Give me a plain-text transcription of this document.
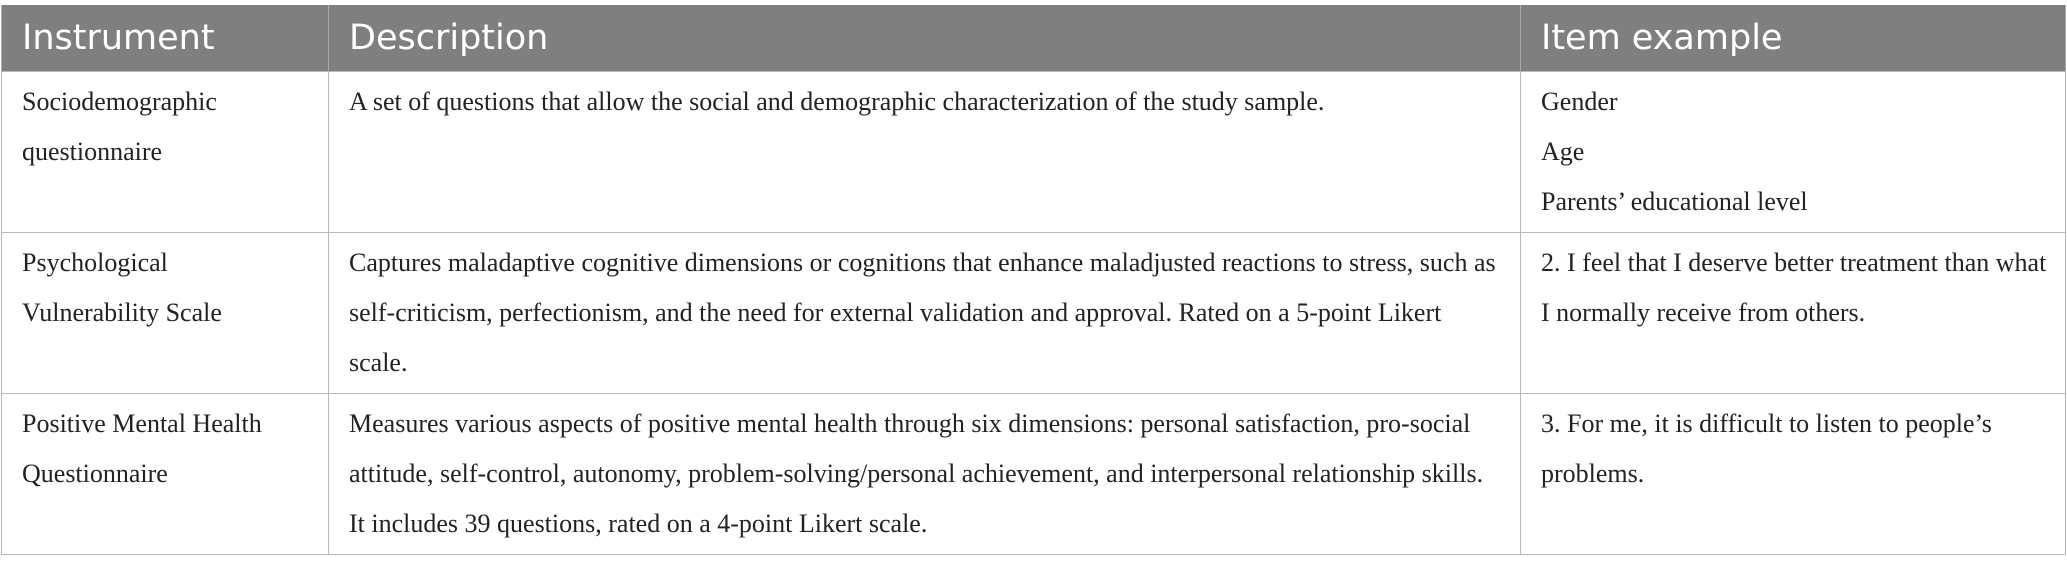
Instrument	Description	Item example
Sociodemographic questionnaire	A set of questions that allow the social and demographic characterization of the study sample.	Gender
Age
Parents’ educational level

Psychological Vulnerability Scale	Captures maladaptive cognitive dimensions or cognitions that enhance maladjusted reactions to stress, such as self-criticism, perfectionism, and the need for external validation and approval. Rated on a 5-point Likert scale.	2. I feel that I deserve better treatment than what I normally receive from others.

Positive Mental Health Questionnaire	Measures various aspects of positive mental health through six dimensions: personal satisfaction, pro-social attitude, self-control, autonomy, problem-solving/personal achievement, and interpersonal relationship skills. It includes 39 questions, rated on a 4-point Likert scale.	3. For me, it is difficult to listen to people’s problems.
